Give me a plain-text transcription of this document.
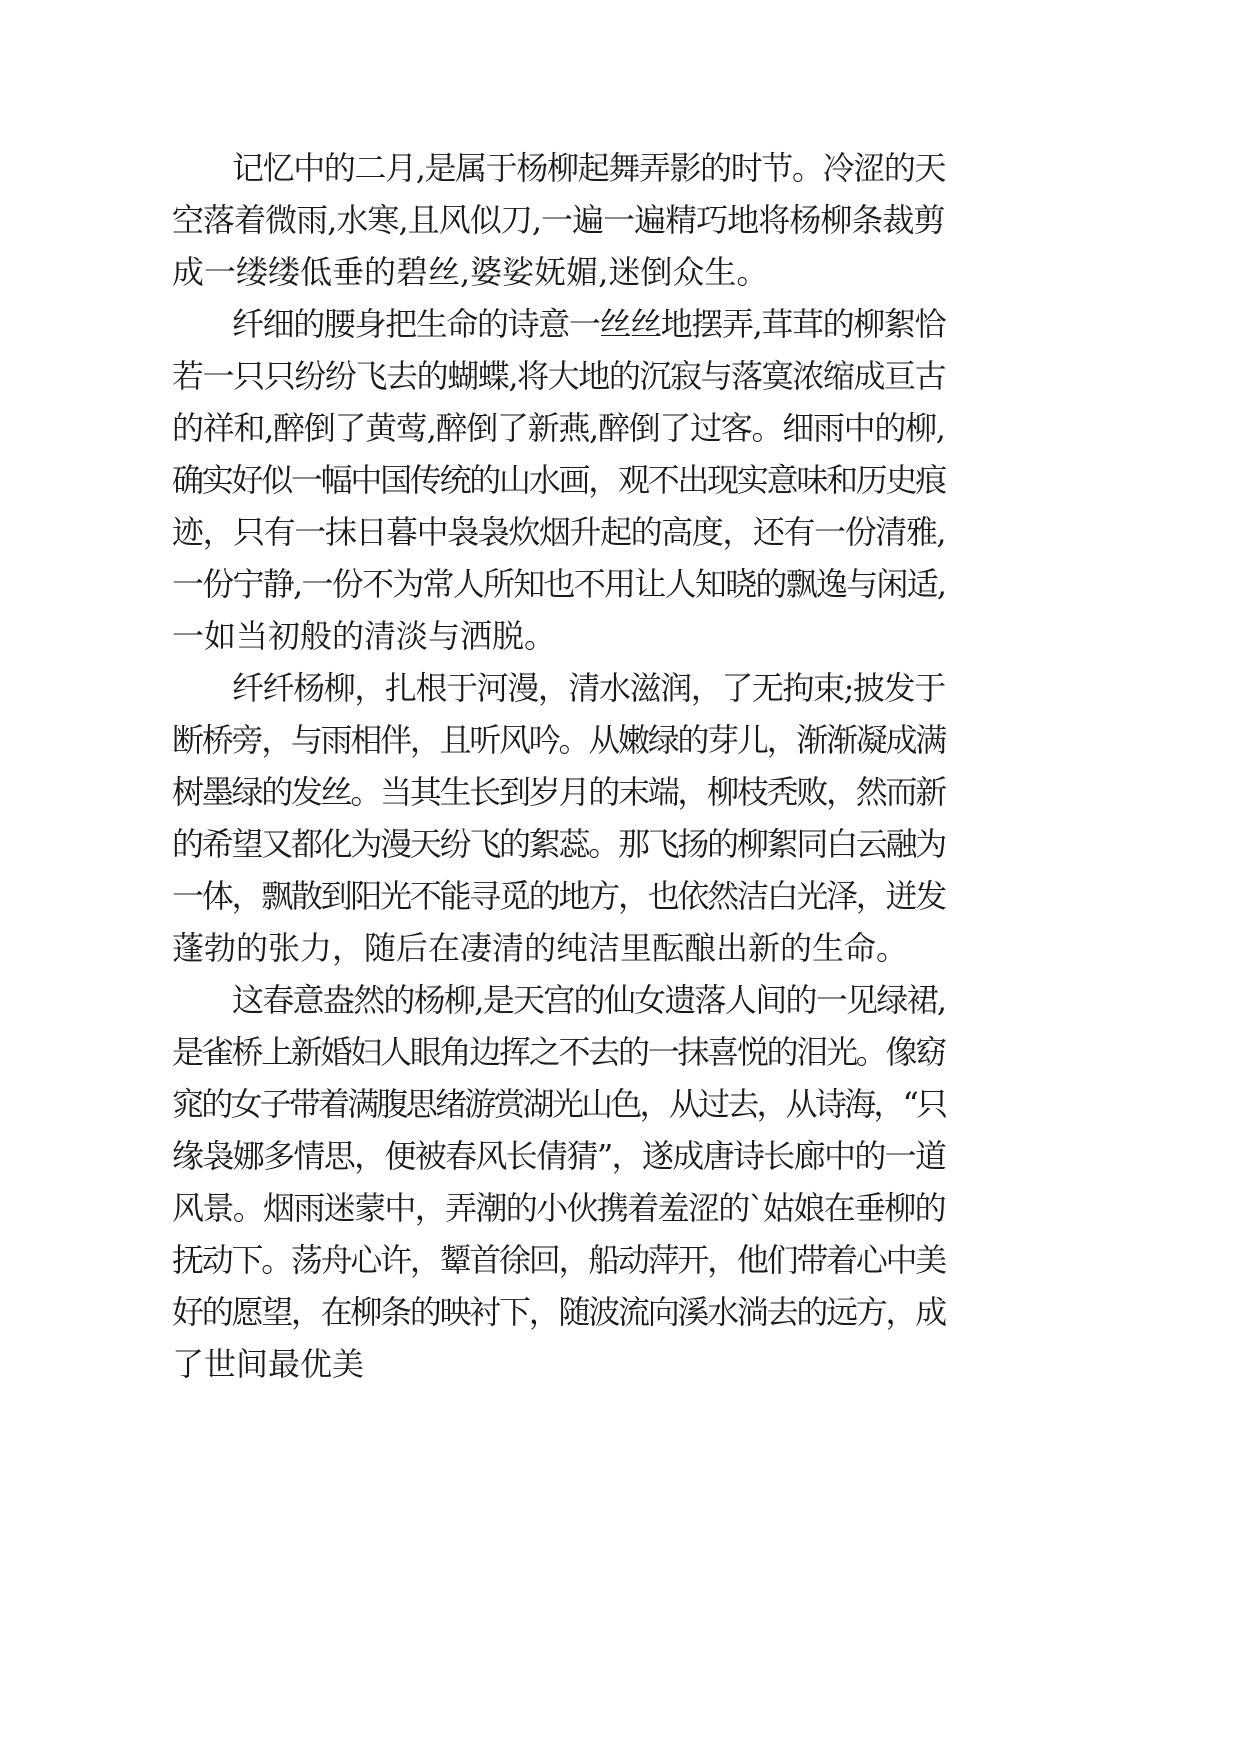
记忆中的二月,是属于杨柳起舞弄影的时节。冷涩的天
空落着微雨,水寒,且风似刀,一遍一遍精巧地将杨柳条裁剪
成一缕缕低垂的碧丝,婆娑妩媚,迷倒众生。
纤细的腰身把生命的诗意一丝丝地摆弄,茸茸的柳絮恰
若一只只纷纷飞去的蝴蝶,将大地的沉寂与落寞浓缩成亘古
的祥和,醉倒了黄莺,醉倒了新燕,醉倒了过客。细雨中的柳,
确实好似一幅中国传统的山水画，观不出现实意味和历史痕
迹，只有一抹日暮中袅袅炊烟升起的高度，还有一份清雅,
一份宁静,一份不为常人所知也不用让人知晓的飘逸与闲适,
一如当初般的清淡与洒脱。
纤纤杨柳，扎根于河漫，清水滋润，了无拘束;披发于
断桥旁，与雨相伴，且听风吟。从嫩绿的芽儿，渐渐凝成满
树墨绿的发丝。当其生长到岁月的末端，柳枝秃败，然而新
的希望又都化为漫天纷飞的絮蕊。那飞扬的柳絮同白云融为
一体，飘散到阳光不能寻觅的地方，也依然洁白光泽，迸发
蓬勃的张力，随后在凄清的纯洁里酝酿出新的生命。
这春意盎然的杨柳,是天宫的仙女遗落人间的一见绿裙,
是雀桥上新婚妇人眼角边挥之不去的一抹喜悦的泪光。像窈
窕的女子带着满腹思绪游赏湖光山色，从过去，从诗海，“只
缘袅娜多情思，便被春风长倩猜”，遂成唐诗长廊中的一道
风景。烟雨迷蒙中，弄潮的小伙携着羞涩的`姑娘在垂柳的
抚动下。荡舟心许，颦首徐回，船动萍开，他们带着心中美
好的愿望，在柳条的映衬下，随波流向溪水淌去的远方，成
了世间最优美
